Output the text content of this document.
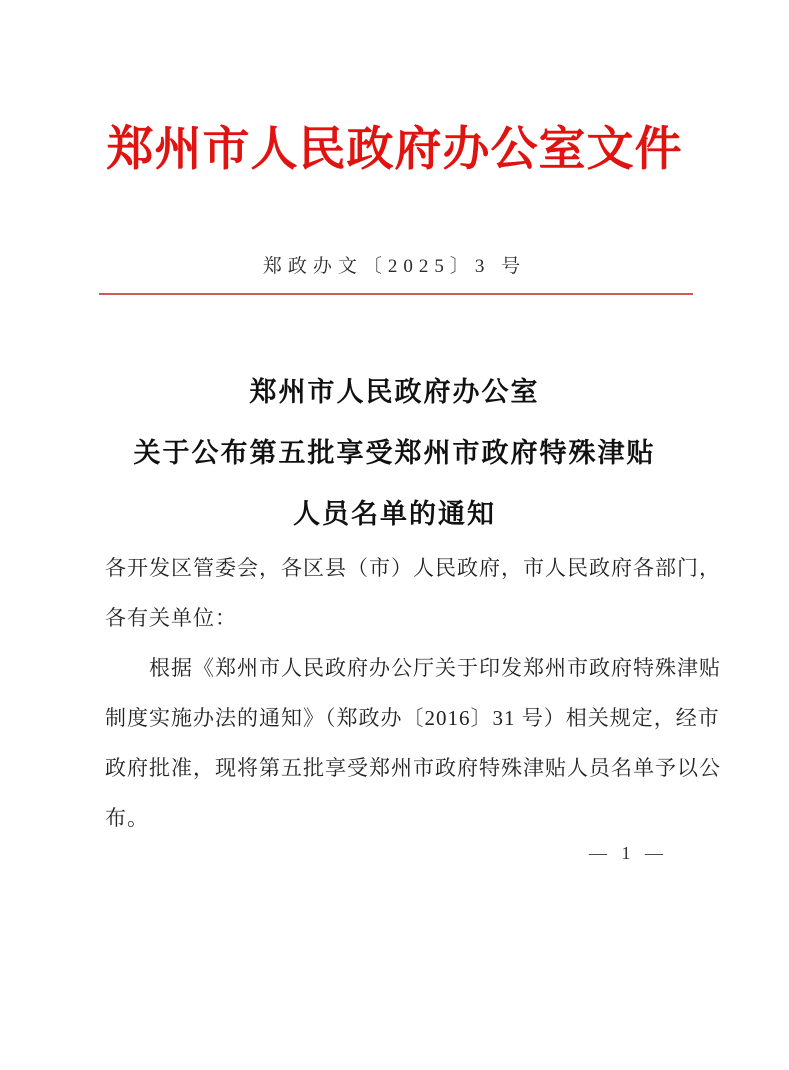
郑州市人民政府办公室文件
郑政办文〔2025〕3 号
郑州市人民政府办公室
关于公布第五批享受郑州市政府特殊津贴
人员名单的通知
各开发区管委会，各区县（市）人民政府，市人民政府各部门，
各有关单位：
根据《郑州市人民政府办公厅关于印发郑州市政府特殊津贴
制度实施办法的通知》（郑政办〔2016〕31 号）相关规定，经市
政府批准，现将第五批享受郑州市政府特殊津贴人员名单予以公
布。
— 1 —
